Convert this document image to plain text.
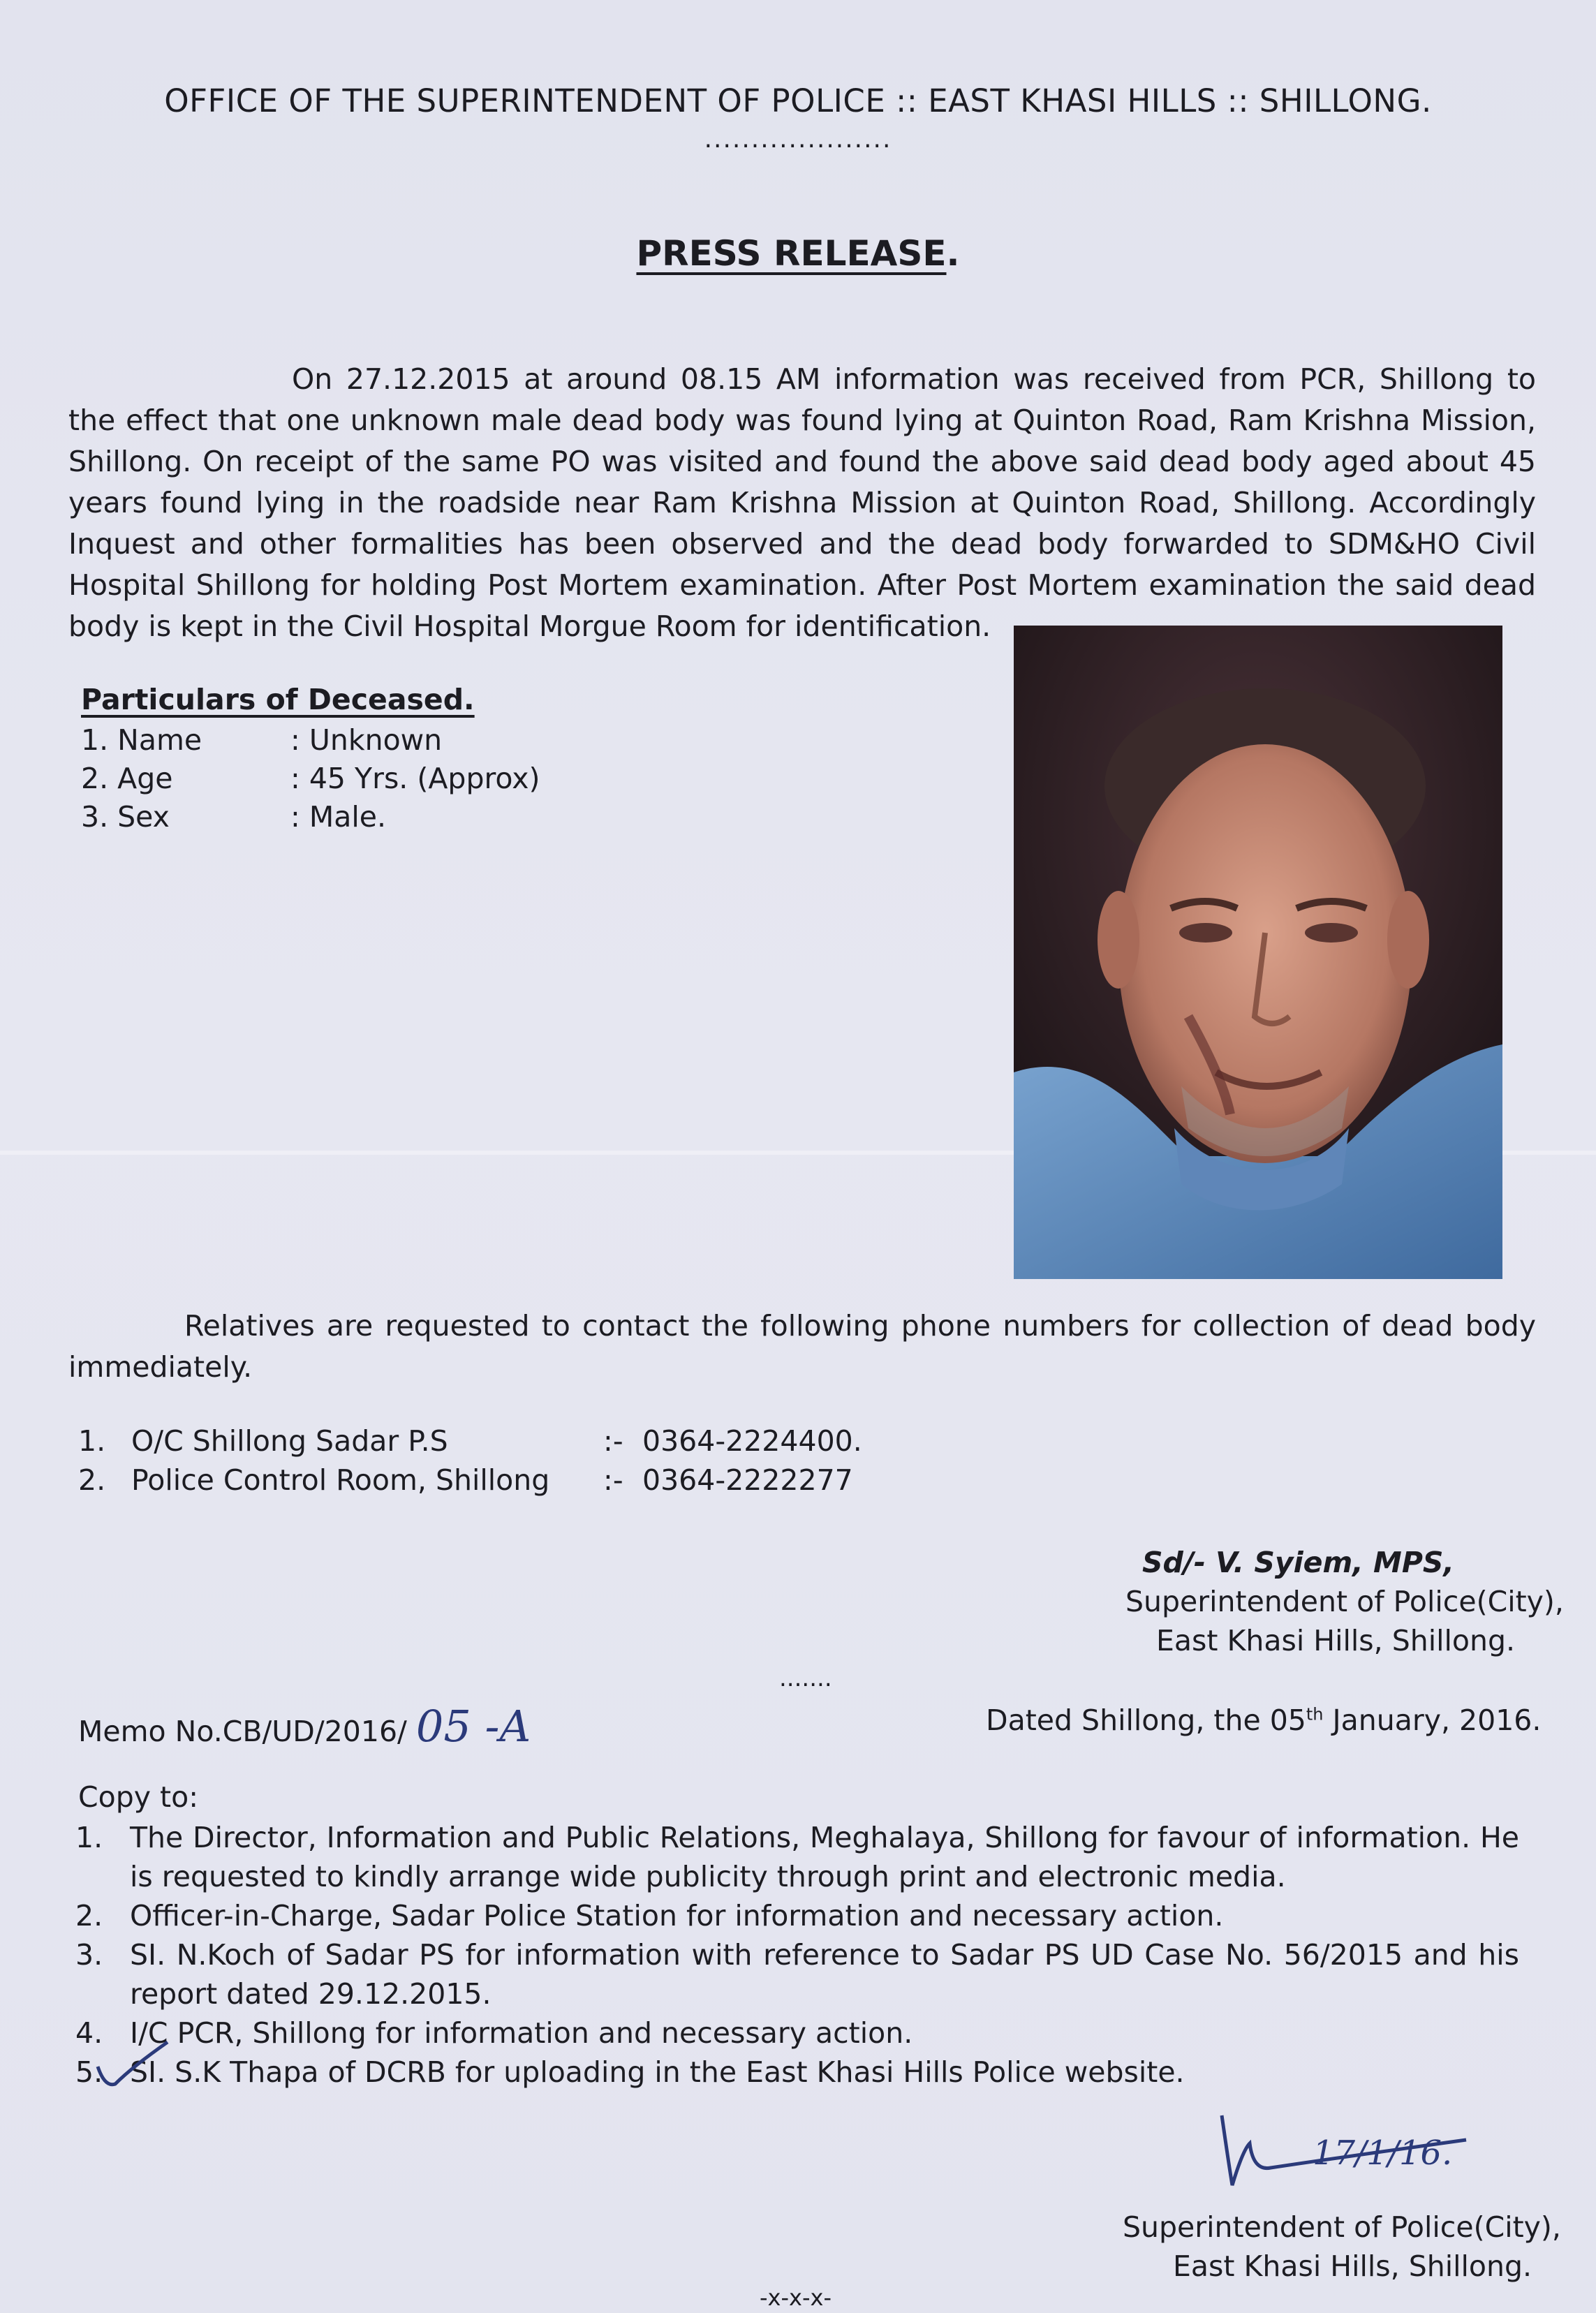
OFFICE OF THE SUPERINTENDENT OF POLICE :: EAST KHASI HILLS :: SHILLONG.
....................
PRESS RELEASE.

On 27.12.2015 at around 08.15 AM information was received from PCR, Shillong to the effect that one unknown male dead body was found lying at Quinton Road, Ram Krishna Mission, Shillong. On receipt of the same PO was visited and found the above said dead body aged about 45 years found lying in the roadside near Ram Krishna Mission at Quinton Road, Shillong. Accordingly Inquest and other formalities has been observed and the dead body forwarded to SDM&HO Civil Hospital Shillong for holding Post Mortem examination. After Post Mortem examination the said dead body is kept in the Civil Hospital Morgue Room for identification.

Particulars of Deceased.
1. Name	: Unknown
2. Age	: 45 Yrs. (Approx)
3. Sex	: Male.

Relatives are requested to contact the following phone numbers for collection of dead body immediately.

1. O/C Shillong Sadar P.S	:- 0364-2224400.
2. Police Control Room, Shillong :- 0364-2222277
Sd/- V. Syiem, MPS,
Superintendent of Police(City),
East Khasi Hills, Shillong.
.......
Memo No.CB/UD/2016/ 05 -A	Dated Shillong, the 05th January, 2016.
Copy to:
1. The Director, Information and Public Relations, Meghalaya, Shillong for favour of information. He is requested to kindly arrange wide publicity through print and electronic media.
2. Officer-in-Charge, Sadar Police Station for information and necessary action.
3. SI. N.Koch of Sadar PS for information with reference to Sadar PS UD Case No. 56/2015 and his report dated 29.12.2015.
4. I/C PCR, Shillong for information and necessary action.
5. SI. S.K Thapa of DCRB for uploading in the East Khasi Hills Police website.
17/1/16.
Superintendent of Police(City),
East Khasi Hills, Shillong.
-x-x-x-
